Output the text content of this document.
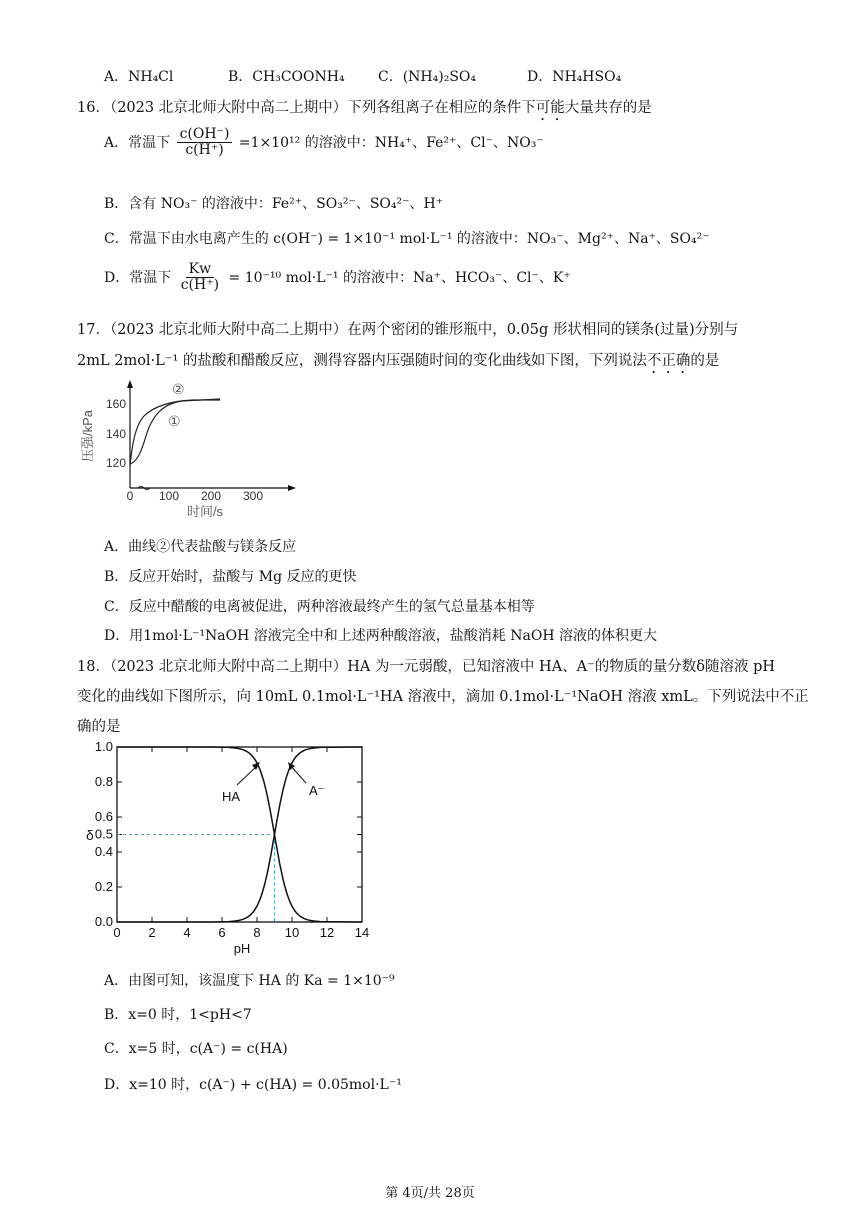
A．NH₄Cl	B．CH₃COONH₄ C．(NH₄)₂SO₄	D．NH₄HSO₄
16．（2023 北京北师大附中高二上期中）下列各组离子在相应的条件下可能大量共存的是
A．常温下 $\frac{c(OH^-)}{c(H^+)} =1\times 10^{12}$ 的溶液中：NH₄⁺、Fe²⁺、Cl⁻、NO₃⁻
B．含有 NO₃⁻ 的溶液中：Fe²⁺、SO₃²⁻、SO₄²⁻、H⁺
C．常温下由水电离产生的 c(OH⁻) = 1×10⁻¹ mol·L⁻¹ 的溶液中：NO₃⁻、Mg²⁺、Na⁺、SO₄²⁻
D．常温下 $\frac{Kw}{c(H^+)} = 10^{-10}$ mol·L⁻¹ 的溶液中：Na⁺、HCO₃⁻、Cl⁻、K⁺
17．（2023 北京北师大附中高二上期中）在两个密闭的锥形瓶中，0.05g 形状相同的镁条(过量)分别与
2mL 2mol·L⁻¹ 的盐酸和醋酸反应，测得容器内压强随时间的变化曲线如下图，下列说法不正确的是
压强/kPa
120
140
160
0 100 200 300
时间/s
②
①
A．曲线②代表盐酸与镁条反应
B．反应开始时，盐酸与 Mg 反应的更快
C．反应中醋酸的电离被促进，两种溶液最终产生的氢气总量基本相等
D．用1mol·L⁻¹NaOH 溶液完全中和上述两种酸溶液，盐酸消耗 NaOH 溶液的体积更大
18．（2023 北京北师大附中高二上期中）HA 为一元弱酸，已知溶液中 HA、A⁻的物质的量分数δ随溶液 pH
变化的曲线如下图所示，向 10mL 0.1mol·L⁻¹HA 溶液中，滴加 0.1mol·L⁻¹NaOH 溶液 xmL。下列说法中不正
确的是
0 2 4 6 8 10 12 14
0.0
0.2
0.4
0.5
0.6
0.8
1.0
HA	A⁻
δ
pH
A．由图可知，该温度下 HA 的 Ka = 1×10⁻⁹
B．x=0 时，1<pH<7
C．x=5 时，c(A⁻) = c(HA)
D．x=10 时，c(A⁻) + c(HA) = 0.05mol·L⁻¹
第 4页/共 28页
